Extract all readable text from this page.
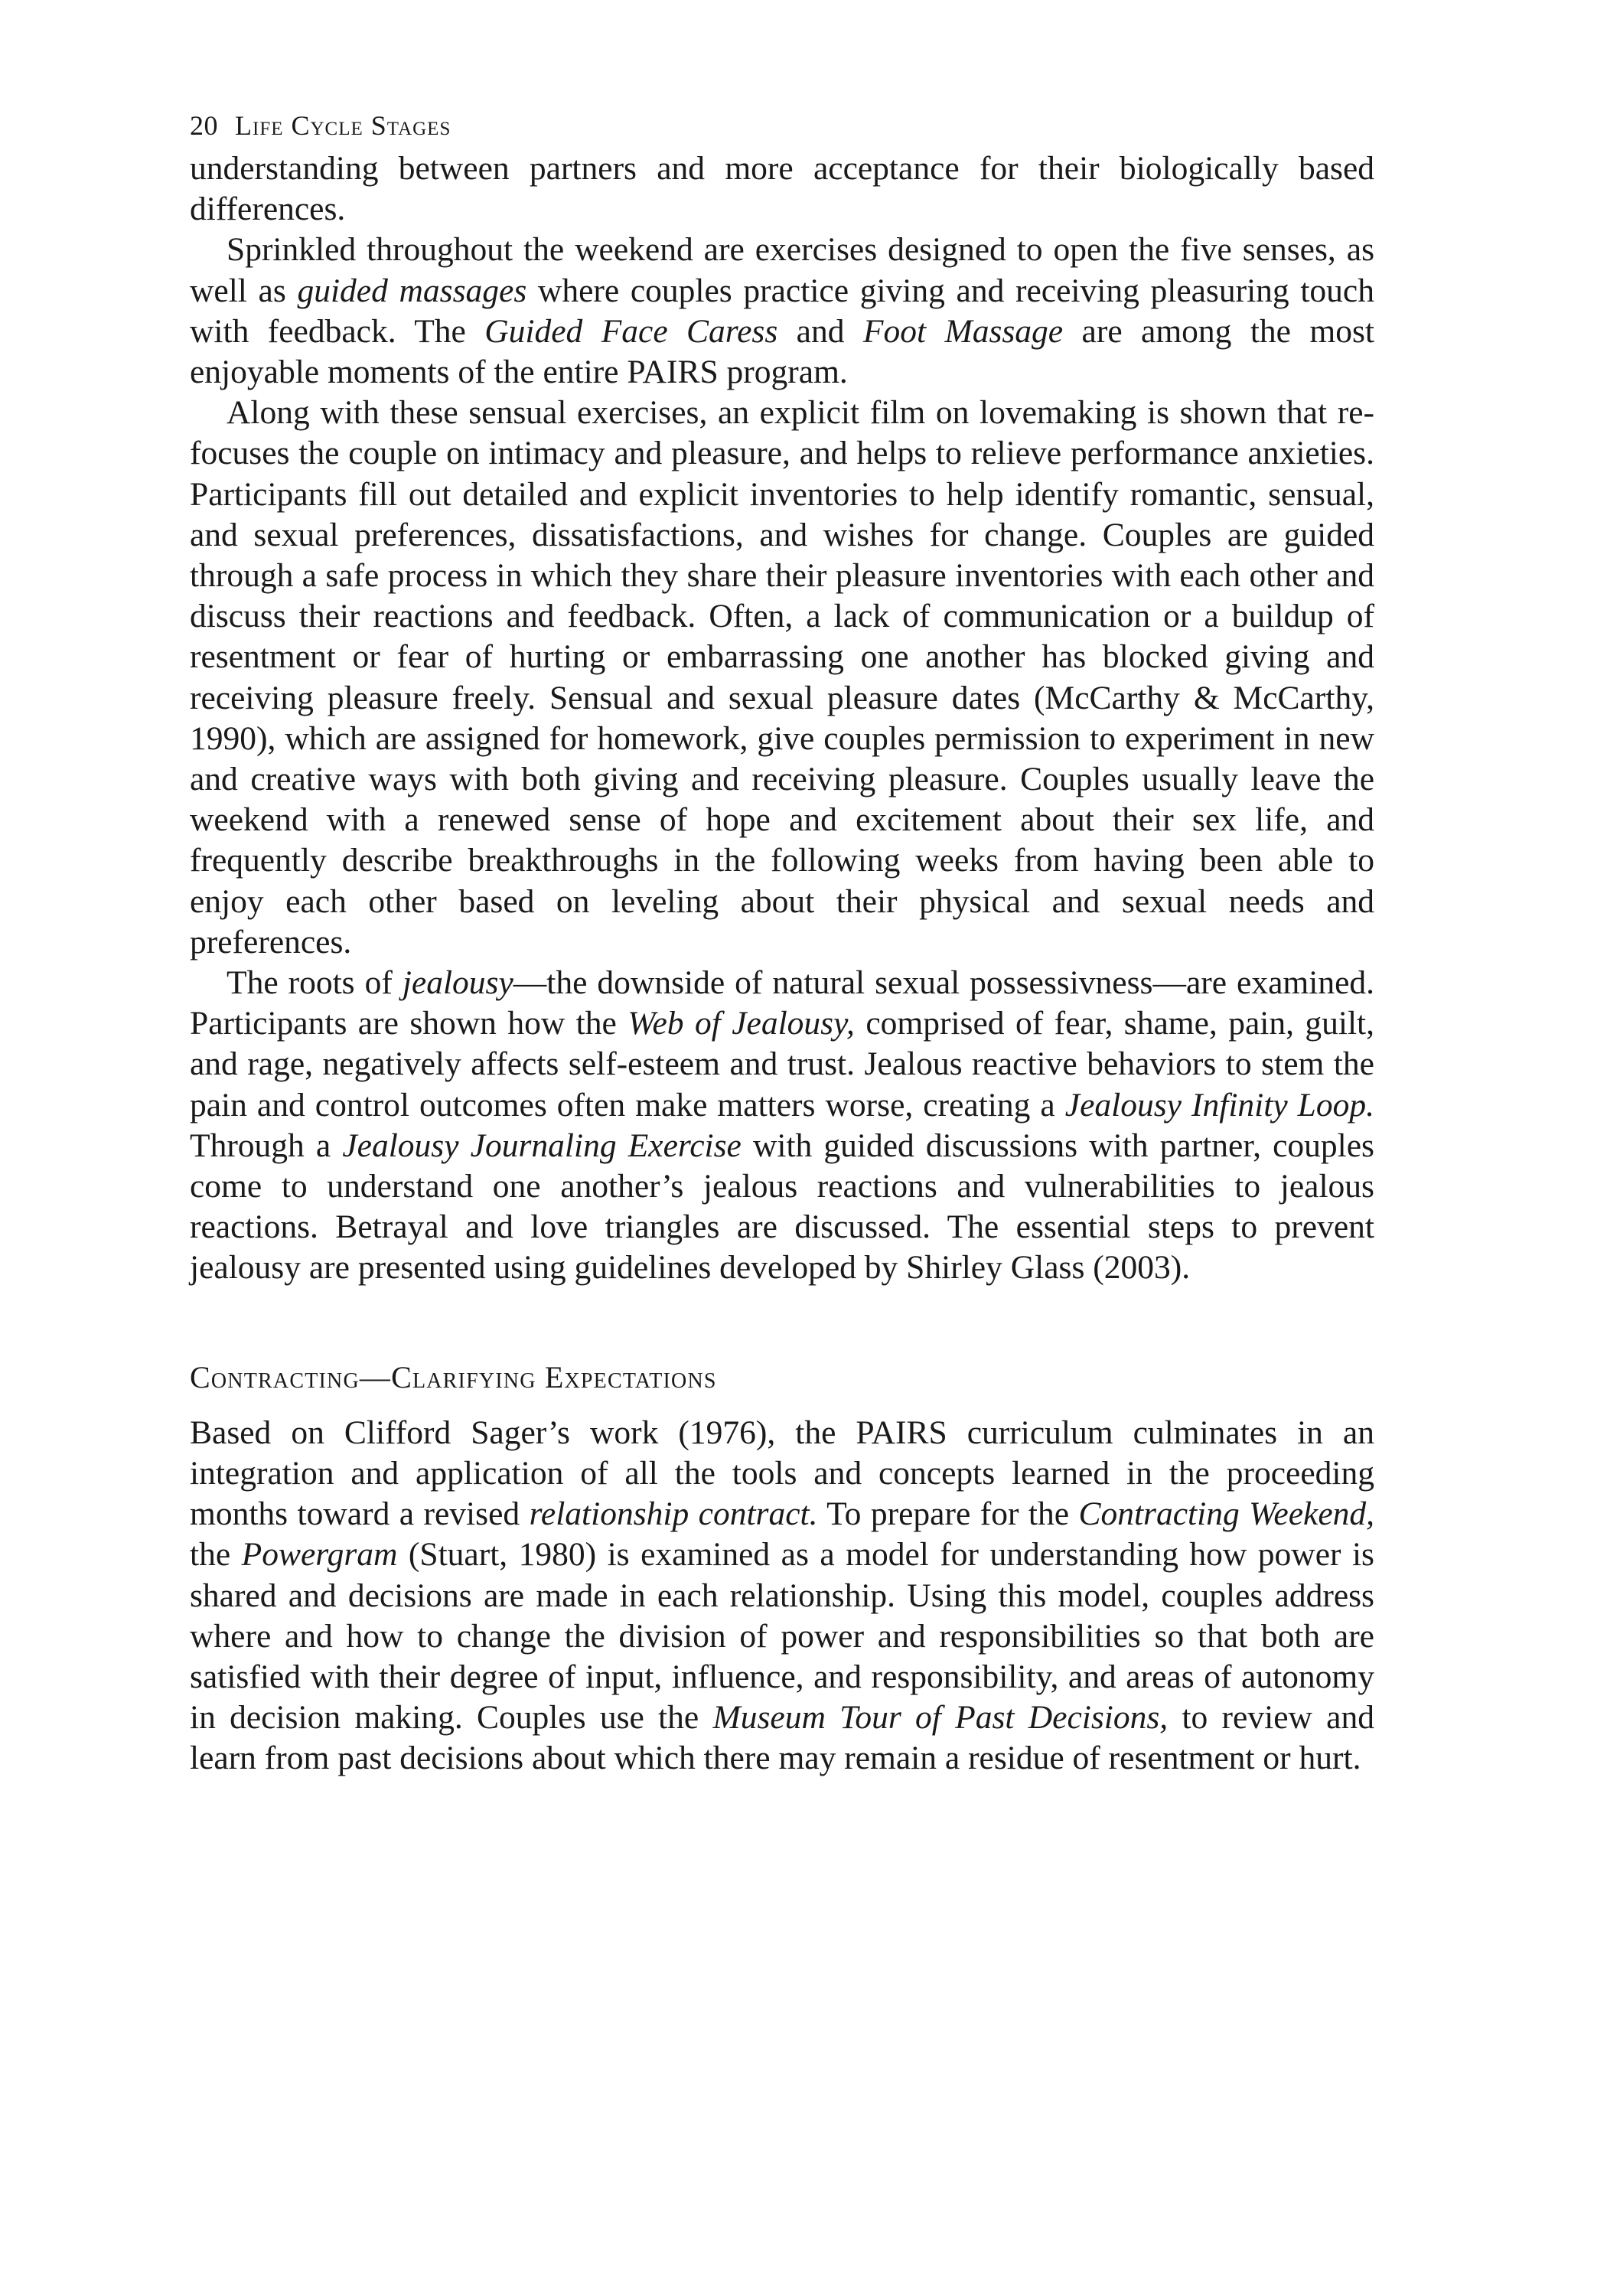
20 Life Cycle Stages

understanding between partners and more acceptance for their biologically based differences.

Sprinkled throughout the weekend are exercises designed to open the five senses, as well as guided massages where couples practice giving and receiving pleasuring touch with feedback. The Guided Face Caress and Foot Massage are among the most enjoyable moments of the entire PAIRS program.

Along with these sensual exercises, an explicit film on lovemaking is shown that re-focuses the couple on intimacy and pleasure, and helps to relieve performance anxieties. Participants fill out detailed and explicit inventories to help identify romantic, sensual, and sexual preferences, dissatisfactions, and wishes for change. Couples are guided through a safe process in which they share their pleasure inventories with each other and discuss their reactions and feedback. Often, a lack of communication or a buildup of resentment or fear of hurting or embarrassing one another has blocked giving and receiving pleasure freely. Sensual and sexual pleasure dates (McCarthy & McCarthy, 1990), which are assigned for homework, give couples permission to experiment in new and creative ways with both giving and receiving pleasure. Couples usually leave the weekend with a renewed sense of hope and excitement about their sex life, and frequently describe breakthroughs in the following weeks from having been able to enjoy each other based on leveling about their physical and sexual needs and preferences.

The roots of jealousy—the downside of natural sexual possessivness—are examined. Participants are shown how the Web of Jealousy, comprised of fear, shame, pain, guilt, and rage, negatively affects self-esteem and trust. Jealous reactive behaviors to stem the pain and control outcomes often make matters worse, creating a Jealousy Infinity Loop. Through a Jealousy Journaling Exercise with guided discussions with partner, couples come to understand one another’s jealous reactions and vulnerabilities to jealous reactions. Betrayal and love triangles are discussed. The essential steps to prevent jealousy are presented using guidelines developed by Shirley Glass (2003).

Contracting—Clarifying Expectations

Based on Clifford Sager’s work (1976), the PAIRS curriculum culminates in an integration and application of all the tools and concepts learned in the proceeding months toward a revised relationship contract. To prepare for the Contracting Weekend, the Powergram (Stuart, 1980) is examined as a model for understanding how power is shared and decisions are made in each relationship. Using this model, couples address where and how to change the division of power and responsibilities so that both are satisfied with their degree of input, influence, and responsibility, and areas of autonomy in decision making. Couples use the Museum Tour of Past Decisions, to review and learn from past decisions about which there may remain a residue of resentment or hurt.
